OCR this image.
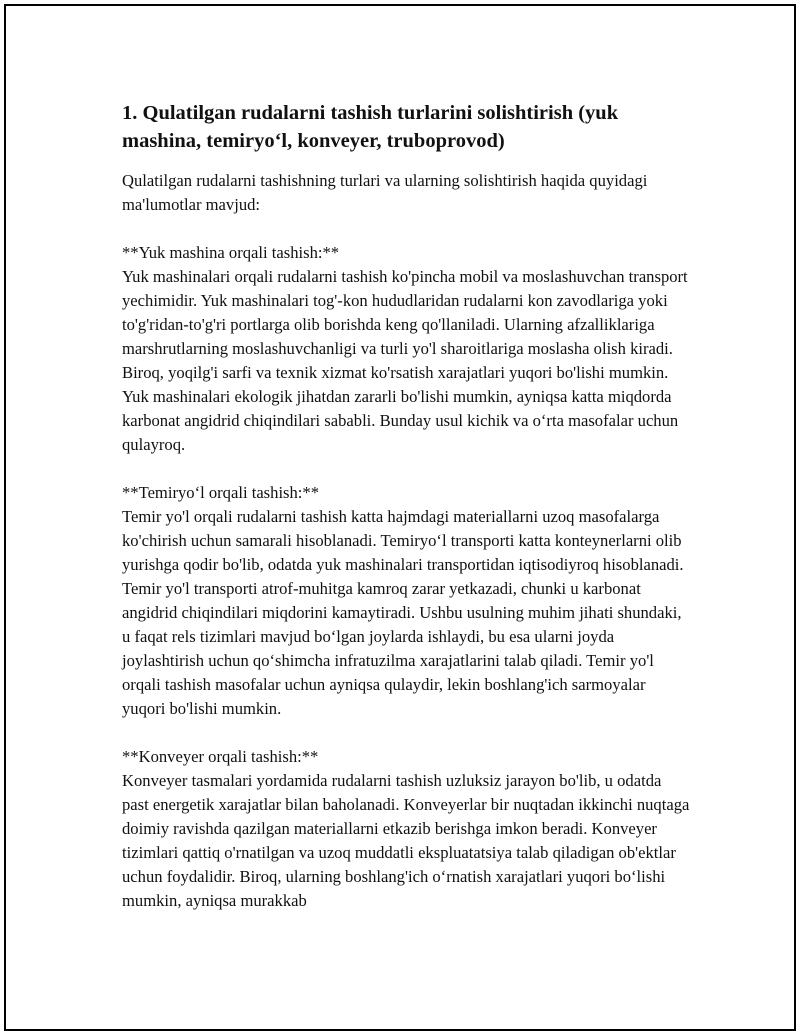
1. Qulatilgan rudalarni tashish turlarini solishtirish (yuk mashina, temiryo‘l, konveyer, truboprovod)

Qulatilgan rudalarni tashishning turlari va ularning solishtirish haqida quyidagi ma'lumotlar mavjud:

**Yuk mashina orqali tashish:**

Yuk mashinalari orqali rudalarni tashish ko'pincha mobil va moslashuvchan transport yechimidir. Yuk mashinalari tog'-kon hududlaridan rudalarni kon zavodlariga yoki to'g'ridan-to'g'ri portlarga olib borishda keng qo'llaniladi. Ularning afzalliklariga marshrutlarning moslashuvchanligi va turli yo'l sharoitlariga moslasha olish kiradi. Biroq, yoqilg'i sarfi va texnik xizmat ko'rsatish xarajatlari yuqori bo'lishi mumkin. Yuk mashinalari ekologik jihatdan zararli bo'lishi mumkin, ayniqsa katta miqdorda karbonat angidrid chiqindilari sababli. Bunday usul kichik va o‘rta masofalar uchun qulayroq.

**Temiryo‘l orqali tashish:**

Temir yo'l orqali rudalarni tashish katta hajmdagi materiallarni uzoq masofalarga ko'chirish uchun samarali hisoblanadi. Temiryo‘l transporti katta konteynerlarni olib yurishga qodir bo'lib, odatda yuk mashinalari transportidan iqtisodiyroq hisoblanadi. Temir yo'l transporti atrof-muhitga kamroq zarar yetkazadi, chunki u karbonat angidrid chiqindilari miqdorini kamaytiradi. Ushbu usulning muhim jihati shundaki, u faqat rels tizimlari mavjud bo‘lgan joylarda ishlaydi, bu esa ularni joyda joylashtirish uchun qo‘shimcha infratuzilma xarajatlarini talab qiladi. Temir yo'l orqali tashish masofalar uchun ayniqsa qulaydir, lekin boshlang'ich sarmoyalar yuqori bo'lishi mumkin.

**Konveyer orqali tashish:**

Konveyer tasmalari yordamida rudalarni tashish uzluksiz jarayon bo'lib, u odatda past energetik xarajatlar bilan baholanadi. Konveyerlar bir nuqtadan ikkinchi nuqtaga doimiy ravishda qazilgan materiallarni etkazib berishga imkon beradi. Konveyer tizimlari qattiq o'rnatilgan va uzoq muddatli ekspluatatsiya talab qiladigan ob'ektlar uchun foydalidir. Biroq, ularning boshlang'ich o‘rnatish xarajatlari yuqori bo‘lishi mumkin, ayniqsa murakkab
